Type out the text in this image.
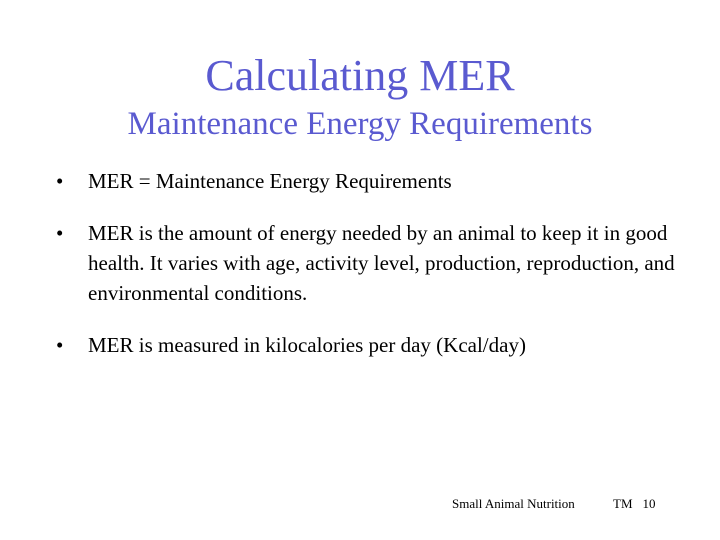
Calculating MER
Maintenance Energy Requirements
•	MER = Maintenance Energy Requirements
•	MER is the amount of energy needed by an animal to keep it in good health. It varies with age, activity level, production, reproduction, and environmental conditions.
•	MER is measured in kilocalories per day (Kcal/day)
Small Animal Nutrition	TM 10
